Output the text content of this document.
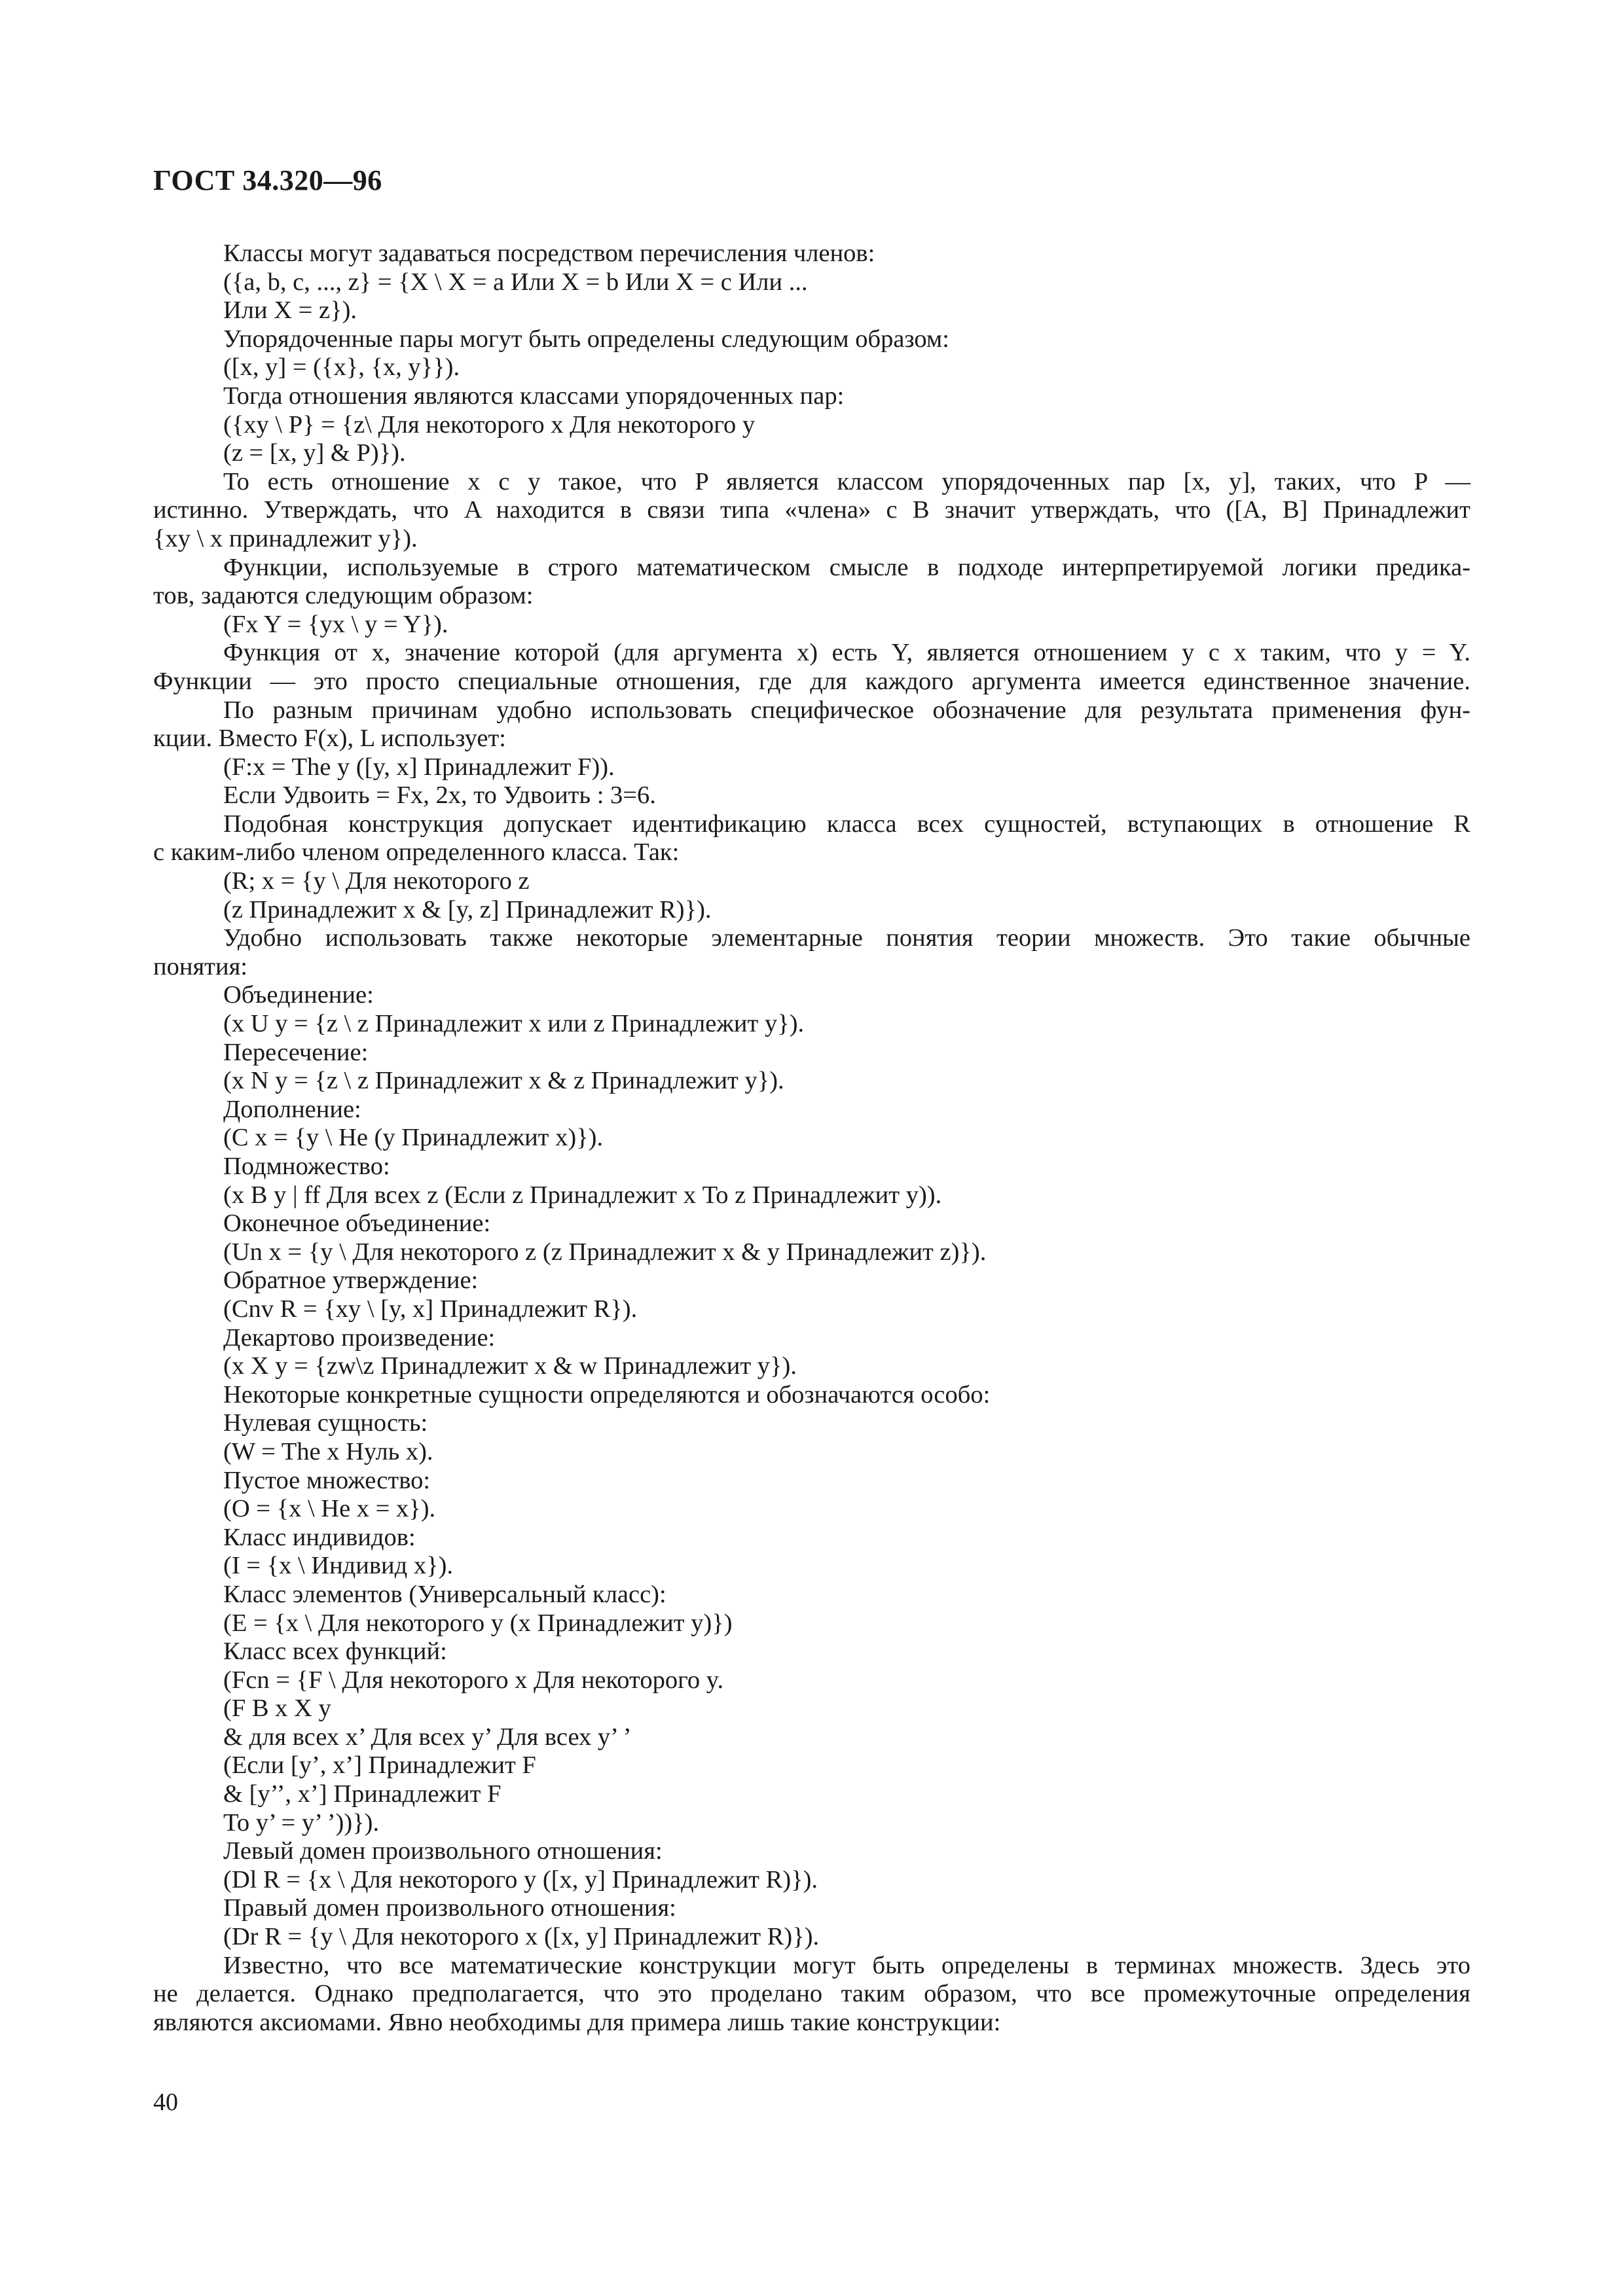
ГОСТ 34.320—96
Классы могут задаваться посредством перечисления членов:
({a, b, c, ..., z} = {X \ X = a Или X = b Или X = c Или ...
Или X = z}).
Упорядоченные пары могут быть определены следующим образом:
([x, y] = ({x}, {x, y}}).
Тогда отношения являются классами упорядоченных пар:
({xy \ P} = {z\ Для некоторого x Для некоторого y
(z = [x, y] & P)}).
То есть отношение x с y такое, что P является классом упорядоченных пар [x, y], таких, что P —
истинно. Утверждать, что A находится в связи типа «члена» с B значит утверждать, что ([A, B] Принадлежит
{xy \ x принадлежит y}).
Функции, используемые в строго математическом смысле в подходе интерпретируемой логики предика-
тов, задаются следующим образом:
(Fx Y = {yx \ y = Y}).
Функция от x, значение которой (для аргумента x) есть Y, является отношением y с x таким, что y = Y.
Функции — это просто специальные отношения, где для каждого аргумента имеется единственное значение.
По разным причинам удобно использовать специфическое обозначение для результата применения фун-
кции. Вместо F(x), L использует:
(F:x = The y ([y, x] Принадлежит F)).
Если Удвоить = Fx, 2x, то Удвоить : 3=6.
Подобная конструкция допускает идентификацию класса всех сущностей, вступающих в отношение R
с каким-либо членом определенного класса. Так:
(R; x = {y \ Для некоторого z
(z Принадлежит x & [y, z] Принадлежит R)}).
Удобно использовать также некоторые элементарные понятия теории множеств. Это такие обычные
понятия:
Объединение:
(x U y = {z \ z Принадлежит x или z Принадлежит y}).
Пересечение:
(x N y = {z \ z Принадлежит x & z Принадлежит y}).
Дополнение:
(C x = {y \ He (y Принадлежит x)}).
Подмножество:
(x B y | ff Для всех z (Если z Принадлежит x То z Принадлежит y)).
Оконечное объединение:
(Un x = {y \ Для некоторого z (z Принадлежит x & y Принадлежит z)}).
Обратное утверждение:
(Cnv R = {xy \ [y, x] Принадлежит R}).
Декартово произведение:
(x X y = {zw\z Принадлежит x & w Принадлежит y}).
Некоторые конкретные сущности определяются и обозначаются особо:
Нулевая сущность:
(W = The x Нуль x).
Пустое множество:
(O = {x \ He x = x}).
Класс индивидов:
(I = {x \ Индивид x}).
Класс элементов (Универсальный класс):
(E = {x \ Для некоторого y (x Принадлежит y)})
Класс всех функций:
(Fcn = {F \ Для некоторого x Для некоторого y.
(F B x X y
& для всех x’ Для всех y’ Для всех y’ ’
(Если [y’, x’] Принадлежит F
& [y’’, x’] Принадлежит F
To y’ = y’ ’))}).
Левый домен произвольного отношения:
(Dl R = {x \ Для некоторого y ([x, y] Принадлежит R)}).
Правый домен произвольного отношения:
(Dr R = {y \ Для некоторого x ([x, y] Принадлежит R)}).
Известно, что все математические конструкции могут быть определены в терминах множеств. Здесь это
не делается. Однако предполагается, что это проделано таким образом, что все промежуточные определения
являются аксиомами. Явно необходимы для примера лишь такие конструкции:
40
